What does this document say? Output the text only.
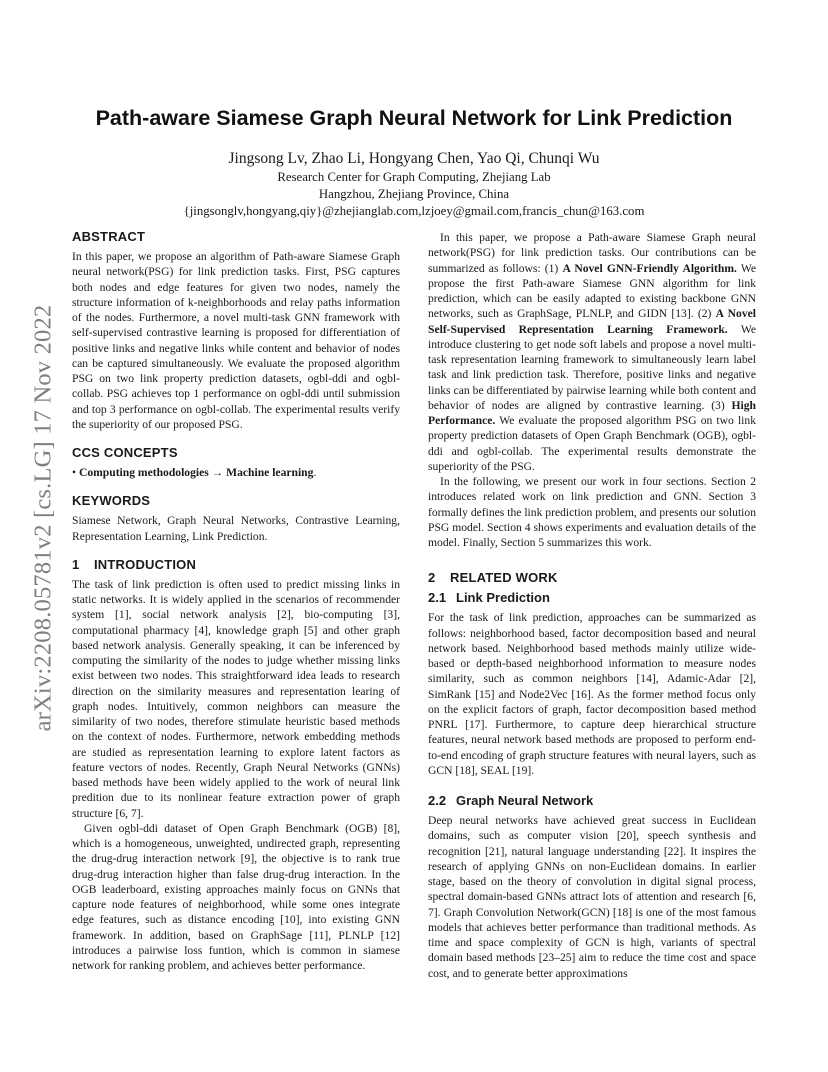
arXiv:2208.05781v2 [cs.LG] 17 Nov 2022
Path-aware Siamese Graph Neural Network for Link Prediction
Jingsong Lv, Zhao Li, Hongyang Chen, Yao Qi, Chunqi Wu
Research Center for Graph Computing, Zhejiang Lab
Hangzhou, Zhejiang Province, China
{jingsonglv,hongyang,qiy}@zhejianglab.com,lzjoey@gmail.com,francis_chun@163.com
ABSTRACT

In this paper, we propose an algorithm of Path-aware Siamese Graph neural network(PSG) for link prediction tasks. First, PSG captures both nodes and edge features for given two nodes, namely the structure information of k-neighborhoods and relay paths information of the nodes. Furthermore, a novel multi-task GNN framework with self-supervised contrastive learning is proposed for differentiation of positive links and negative links while content and behavior of nodes can be captured simultaneously. We evaluate the proposed algorithm PSG on two link property prediction datasets, ogbl-ddi and ogbl-collab. PSG achieves top 1 performance on ogbl-ddi until submission and top 3 performance on ogbl-collab. The experimental results verify the superiority of our proposed PSG.

CCS CONCEPTS

• Computing methodologies → Machine learning.

KEYWORDS

Siamese Network, Graph Neural Networks, Contrastive Learning, Representation Learning, Link Prediction.

1 INTRODUCTION

The task of link prediction is often used to predict missing links in static networks. It is widely applied in the scenarios of recommender system [1], social network analysis [2], bio-computing [3], computational pharmacy [4], knowledge graph [5] and other graph based network analysis. Generally speaking, it can be inferenced by computing the similarity of the nodes to judge whether missing links exist between two nodes. This straightforward idea leads to research direction on the similarity measures and representation learing of graph nodes. Intuitively, common neighbors can measure the similarity of two nodes, therefore stimulate heuristic based methods on the context of nodes. Furthermore, network embedding methods are studied as representation learning to explore latent factors as feature vectors of nodes. Recently, Graph Neural Networks (GNNs) based methods have been widely applied to the work of neural link predition due to its nonlinear feature extraction power of graph structure [6, 7].

Given ogbl-ddi dataset of Open Graph Benchmark (OGB) [8], which is a homogeneous, unweighted, undirected graph, representing the drug-drug interaction network [9], the objective is to rank true drug-drug interaction higher than false drug-drug interaction. In the OGB leaderboard, existing approaches mainly focus on GNNs that capture node features of neighborhood, while some ones integrate edge features, such as distance encoding [10], into existing GNN framework. In addition, based on GraphSage [11], PLNLP [12] introduces a pairwise loss funtion, which is common in siamese network for ranking problem, and achieves better performance.

In this paper, we propose a Path-aware Siamese Graph neural network(PSG) for link prediction tasks. Our contributions can be summarized as follows: (1) A Novel GNN-Friendly Algorithm. We propose the first Path-aware Siamese GNN algorithm for link prediction, which can be easily adapted to existing backbone GNN networks, such as GraphSage, PLNLP, and GIDN [13]. (2) A Novel Self-Supervised Representation Learning Framework. We introduce clustering to get node soft labels and propose a novel multi-task representation learning framework to simultaneously learn label task and link prediction task. Therefore, positive links and negative links can be differentiated by pairwise learning while both content and behavior of nodes are aligned by contrastive learning. (3) High Performance. We evaluate the proposed algorithm PSG on two link property prediction datasets of Open Graph Benchmark (OGB), ogbl-ddi and ogbl-collab. The experimental results demonstrate the superiority of the PSG.

In the following, we present our work in four sections. Section 2 introduces related work on link prediction and GNN. Section 3 formally defines the link prediction problem, and presents our solution PSG model. Section 4 shows experiments and evaluation details of the model. Finally, Section 5 summarizes this work.

2 RELATED WORK
2.1 Link Prediction

For the task of link prediction, approaches can be summarized as follows: neighborhood based, factor decomposition based and neural network based. Neighborhood based methods mainly utilize wide-based or depth-based neighborhood information to measure nodes similarity, such as common neighbors [14], Adamic-Adar [2], SimRank [15] and Node2Vec [16]. As the former method focus only on the explicit factors of graph, factor decomposition based method PNRL [17]. Furthermore, to capture deep hierarchical structure features, neural network based methods are proposed to perform end-to-end encoding of graph structure features with neural layers, such as GCN [18], SEAL [19].

2.2 Graph Neural Network

Deep neural networks have achieved great success in Euclidean domains, such as computer vision [20], speech synthesis and recognition [21], natural language understanding [22]. It inspires the research of applying GNNs on non-Euclidean domains. In earlier stage, based on the theory of convolution in digital signal process, spectral domain-based GNNs attract lots of attention and research [6, 7]. Graph Convolution Network(GCN) [18] is one of the most famous models that achieves better performance than traditional methods. As time and space complexity of GCN is high, variants of spectral domain based methods [23–25] aim to reduce the time cost and space cost, and to generate better approximations
